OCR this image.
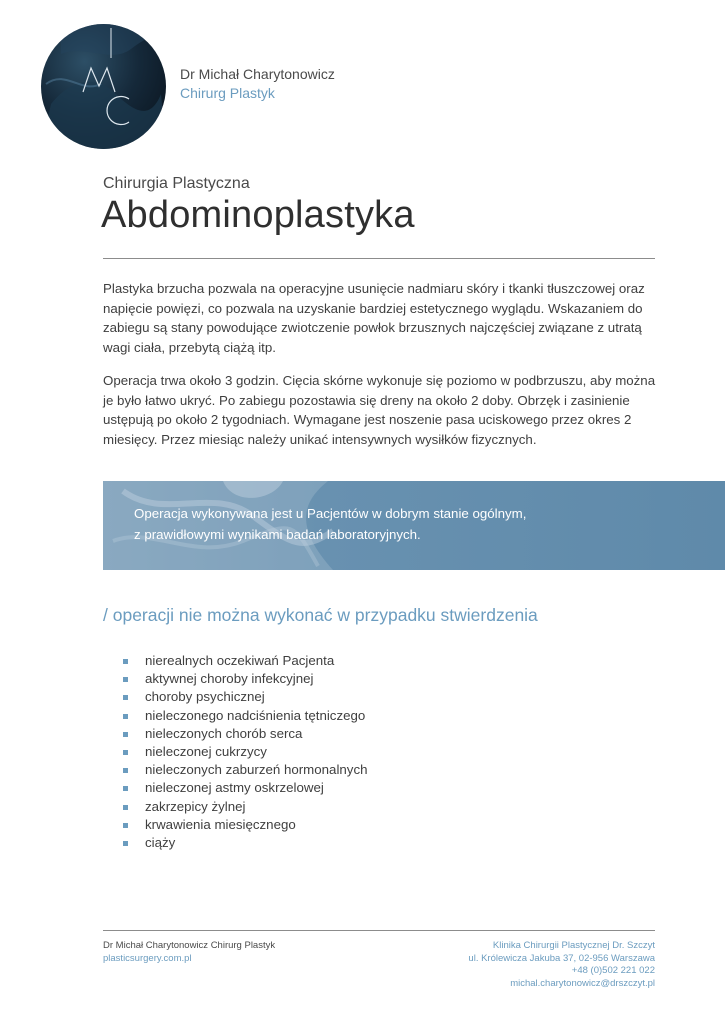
Dr Michał Charytonowicz

Chirurg Plastyk

Chirurgia Plastyczna

Abdominoplastyka

Plastyka brzucha pozwala na operacyjne usunięcie nadmiaru skóry i tkanki tłuszczowej oraz napięcie powięzi, co pozwala na uzyskanie bardziej estetycznego wyglądu. Wskazaniem do zabiegu są stany powodujące zwiotczenie powłok brzusznych najczęściej związane z utratą wagi ciała, przebytą ciążą itp.

Operacja trwa około 3 godzin. Cięcia skórne wykonuje się poziomo w podbrzuszu, aby można je było łatwo ukryć. Po zabiegu pozostawia się dreny na około 2 doby. Obrzęk i zasinienie ustępują po około 2 tygodniach. Wymagane jest noszenie pasa uciskowego przez okres 2 miesięcy. Przez miesiąc należy unikać intensywnych wysiłków fizycznych.

Operacja wykonywana jest u Pacjentów w dobrym stanie ogólnym,
z prawidłowymi wynikami badań laboratoryjnych.

/ operacji nie można wykonać w przypadku stwierdzenia
nierealnych oczekiwań Pacjenta
aktywnej choroby infekcyjnej
choroby psychicznej
nieleczonego nadciśnienia tętniczego
nieleczonych chorób serca
nieleczonej cukrzycy
nieleczonych zaburzeń hormonalnych
nieleczonej astmy oskrzelowej
zakrzepicy żylnej
krwawienia miesięcznego
ciąży
Dr Michał Charytonowicz Chirurg Plastyk
plasticsurgery.com.pl
Klinika Chirurgii Plastycznej Dr. Szczyt
ul. Królewicza Jakuba 37, 02-956 Warszawa
+48 (0)502 221 022
michal.charytonowicz@drszczyt.pl
